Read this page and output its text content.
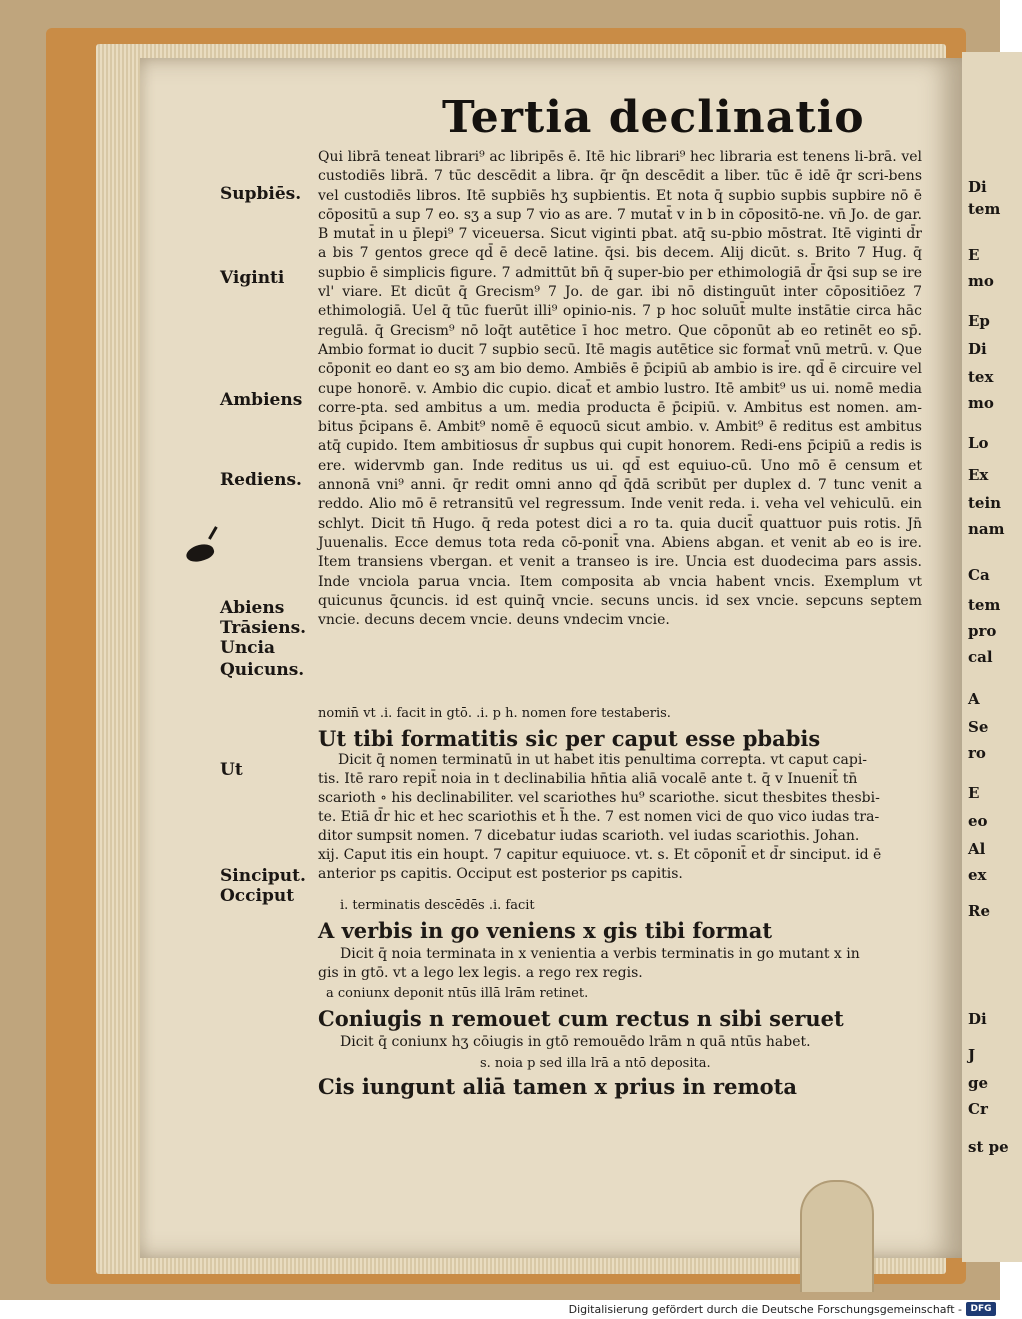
Di
tem
E
mo
Ep
Di
tex
mo
Lo
Ex
tein
nam
Ca
tem
pro
cal
A
Se
ro
E
eo
Al
ex
Re
Di
J
ge
Cr
st pe
Tertia declinatio
Supbiēs.
Viginti
Ambiens
Rediens.
Abiens
Trāsiens.
Uncia
Quicuns.
Ut
Sinciput.
Occiput

Qui librā teneat librari⁹ ac libripēs ē. Itē hic librari⁹ hec libraria est tenens li-brā. vel custodiēs librā. 7 tūc descēdit a libra. q̄r q̄n descēdit a liber. tūc ē idē q̄r scri-bens vel custodiēs libros. Itē supbiēs hʒ supbientis. Et nota q̄ supbio supbis supbire nō ē cōpositū a sup 7 eo. sʒ a sup 7 vio as are. 7 mutat̄ v in b in cōpositō-ne. vn̄ Jo. de gar. B mutat̄ in u p̄lepi⁹ 7 viceuersa. Sicut viginti pbat. atq̄ su-pbio mōstrat. Itē viginti d̄r a bis 7 gentos grece qd̄ ē decē latine. q̄si. bis decem. Alij dicūt. s. Brito 7 Hug. q̄ supbio ē simplicis figure. 7 admittūt bn̄ q̄ super-bio per ethimologiā d̄r q̄si sup se ire vl' viare. Et dicūt q̄ Grecism⁹ 7 Jo. de gar. ibi nō distinguūt inter cōpositiōez 7 ethimologiā. Uel q̄ tūc fuerūt illi⁹ opinio-nis. 7 p hoc soluūt̄ multe instātie circa hāc regulā. q̄ Grecism⁹ nō loq̄t autētice ī hoc metro. Que cōponūt ab eo retinēt eo sp̄. Ambio format io ducit 7 supbio secū. Itē magis autētice sic format̄ vnū metrū. v. Que cōponit eo dant eo sʒ am bio demo. Ambiēs ē p̄cipiū ab ambio is ire. qd̄ ē circuire vel cupe honorē. v. Ambio dic cupio. dicat̄ et ambio lustro. Itē ambit⁹ us ui. nomē media corre-pta. sed ambitus a um. media producta ē p̄cipiū. v. Ambitus est nomen. am-bitus p̄cipans ē. Ambit⁹ nomē ē equocū sicut ambio. v. Ambit⁹ ē reditus est ambitus atq̄ cupido. Item ambitiosus d̄r supbus qui cupit honorem. Redi-ens p̄cipiū a redis is ere. widervmb gan. Inde reditus us ui. qd̄ est equiuo-cū. Uno mō ē censum et annonā vni⁹ anni. q̄r redit omni anno qd̄ q̄dā scribūt per duplex d. 7 tunc venit a reddo. Alio mō ē retransitū vel regressum. Inde venit reda. i. veha vel vehiculū. ein schlyt. Dicit tn̄ Hugo. q̄ reda potest dici a ro ta. quia ducit̄ quattuor puis rotis. Jn̄ Juuenalis. Ecce demus tota reda cō-ponit̄ vna. Abiens abgan. et venit ab eo is ire. Item transiens vbergan. et venit a transeo is ire. Uncia est duodecima pars assis. Inde vnciola parua vncia. Item composita ab vncia habent vncis. Exemplum vt quicunus q̄cuncis. id est quinq̄ vncie. secuns uncis. id sex vncie. sepcuns septem vncie. decuns decem vncie. deuns vndecim vncie.

nomin̄ vt .i. facit in gtō. .i. p h. nomen fore testaberis.
Ut tibi formatitis sic per caput esse pbabis
Dicit q̄ nomen terminatū in ut habet itis penultima correpta. vt caput capi-
tis. Itē raro repit̄ noia in t declinabilia hn̄tia aliā vocalē ante t. q̄ v Inuenit̄ tn̄
scarioth ∘ his declinabiliter. vel scariothes hu⁹ scariothe. sicut thesbites thesbi-
te. Etiā d̄r hic et hec scariothis et h̄ the. 7 est nomen vici de quo vico iudas tra-
ditor sumpsit nomen. 7 dicebatur iudas scarioth. vel iudas scariothis. Johan.
xij. Caput itis ein houpt. 7 capitur equiuoce. vt. s. Et cōponit̄ et d̄r sinciput. id ē
anterior ps capitis. Occiput est posterior ps capitis.
i. terminatis descēdēs .i. facit
A verbis in go veniens x gis tibi format
Dicit q̄ noia terminata in x venientia a verbis terminatis in go mutant x in
gis in gtō. vt a lego lex legis. a rego rex regis.
a coniunx deponit ntūs illā lrām retinet.
Coniugis n remouet cum rectus n sibi seruet
Dicit q̄ coniunx hʒ cōiugis in gtō remouēdo lrām n quā ntūs habet.
s. noia p sed illa lrā a ntō deposita.
Cis iungunt aliā tamen x prius in remota
Digitalisierung gefördert durch die Deutsche Forschungsgemeinschaft - DFG
